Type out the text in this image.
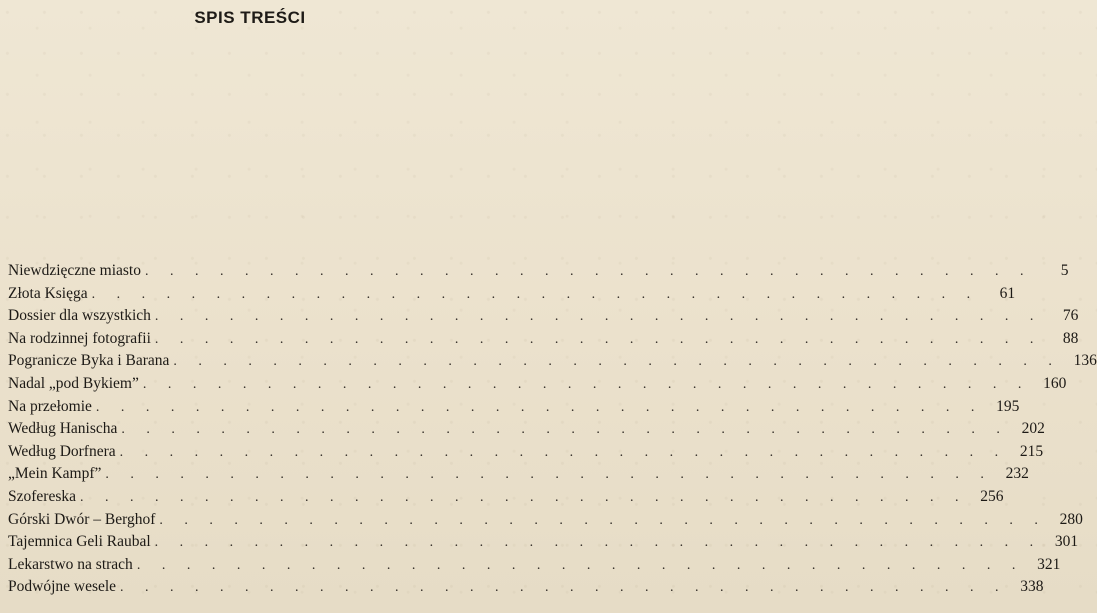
SPIS TREŚCI
Niewdzięczne miasto . . . . . . . . . . . . . . . . . . . . . . . . . . . . . . . . . . . .	5
Złota Księga . . . . . . . . . . . . . . . . . . . . . . . . . . . . . . . . . . . .	61
Dossier dla wszystkich . . . . . . . . . . . . . . . . . . . . . . . . . . . . . . . . . . . .	76
Na rodzinnej fotografii . . . . . . . . . . . . . . . . . . . . . . . . . . . . . . . . . . . .	88
Pogranicze Byka i Barana . . . . . . . . . . . . . . . . . . . . . . . . . . . . . . . . . . . . 136
Nadal „pod Bykiem” . . . . . . . . . . . . . . . . . . . . . . . . . . . . . . . . . . . . 160
Na przełomie . . . . . . . . . . . . . . . . . . . . . . . . . . . . . . . . . . . . 195
Według Hanischa . . . . . . . . . . . . . . . . . . . . . . . . . . . . . . . . . . . . 202
Według Dorfnera . . . . . . . . . . . . . . . . . . . . . . . . . . . . . . . . . . . . 215
„Mein Kampf” . . . . . . . . . . . . . . . . . . . . . . . . . . . . . . . . . . . . 232
Szofereska . . . . . . . . . . . . . . . . . . . . . . . . . . . . . . . . . . . . 256
Górski Dwór – Berghof . . . . . . . . . . . . . . . . . . . . . . . . . . . . . . . . . . . . 280
Tajemnica Geli Raubal . . . . . . . . . . . . . . . . . . . . . . . . . . . . . . . . . . . . 301
Lekarstwo na strach . . . . . . . . . . . . . . . . . . . . . . . . . . . . . . . . . . . . 321
Podwójne wesele . . . . . . . . . . . . . . . . . . . . . . . . . . . . . . . . . . . . 338
